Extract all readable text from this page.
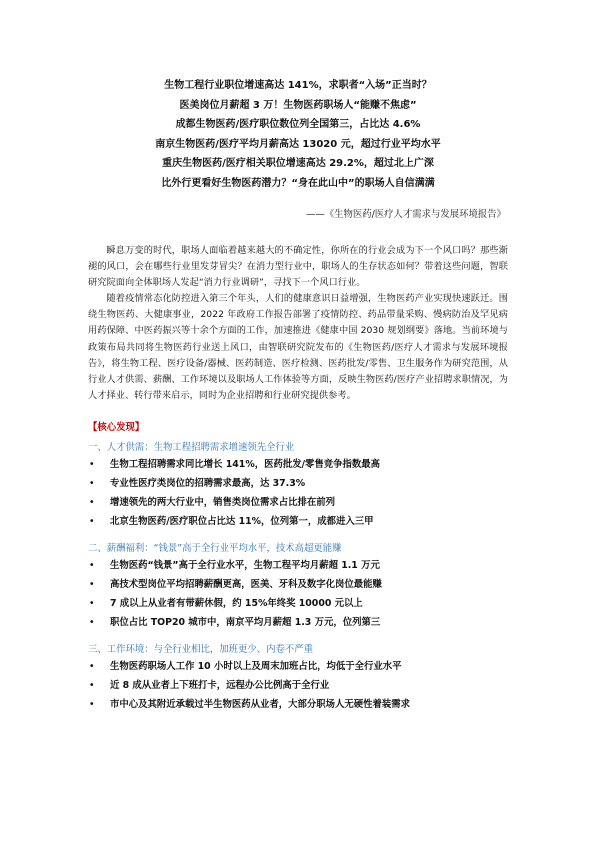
生物工程行业职位增速高达 141%，求职者“入场”正当时？
医美岗位月薪超 3 万！生物医药职场人“能赚不焦虑”
成都生物医药/医疗职位数位列全国第三，占比达 4.6%
南京生物医药/医疗平均月薪高达 13020 元，超过行业平均水平
重庆生物医药/医疗相关职位增速高达 29.2%，超过北上广深
比外行更看好生物医药潜力？“身在此山中”的职场人自信满满
——《生物医药/医疗人才需求与发展环境报告》

瞬息万变的时代，职场人面临着越来越大的不确定性，你所在的行业会成为下一个风口吗？那些渐褪的风口，会在哪些行业里发芽冒尖？在消力型行业中，职场人的生存状态如何？带着这些问题，智联研究院面向全体职场人发起“消力行业调研”，寻找下一个风口行业。

随着疫情常态化防控进入第三个年头，人们的健康意识日益增强，生物医药产业实现快速跃迁。围绕生物医药、大健康事业，2022 年政府工作报告部署了疫情防控、药品带量采购、慢病防治及罕见病用药保障、中医药振兴等十余个方面的工作，加速推进《健康中国 2030 规划纲要》落地。当前环境与政策布局共同将生物医药行业送上风口，由智联研究院发布的《生物医药/医疗人才需求与发展环境报告》，将生物工程、医疗设备/器械、医药制造、医疗检测、医药批发/零售、卫生服务作为研究范围，从行业人才供需、薪酬、工作环境以及职场人工作体验等方面，反映生物医药/医疗产业招聘求职情况，为人才择业、转行带来启示，同时为企业招聘和行业研究提供参考。

【核心发现】
一、人才供需：生物工程招聘需求增速领先全行业
• 生物工程招聘需求同比增长 141%，医药批发/零售竞争指数最高
• 专业性医疗类岗位的招聘需求最高，达 37.3%
• 增速领先的两大行业中，销售类岗位需求占比排在前列
• 北京生物医药/医疗职位占比达 11%，位列第一，成都进入三甲
二、薪酬福利：“钱景”高于全行业平均水平，技术高超更能赚
• 生物医药“钱景”高于全行业水平，生物工程平均月薪超 1.1 万元
• 高技术型岗位平均招聘薪酬更高，医美、牙科及数字化岗位最能赚
• 7 成以上从业者有带薪休假，约 15%年终奖 10000 元以上
• 职位占比 TOP20 城市中，南京平均月薪超 1.3 万元，位列第三
三、工作环境：与全行业相比，加班更少、内卷不严重
• 生物医药职场人工作 10 小时以上及周末加班占比，均低于全行业水平
• 近 8 成从业者上下班打卡，远程办公比例高于全行业
• 市中心及其附近承载过半生物医药从业者，大部分职场人无硬性着装需求
